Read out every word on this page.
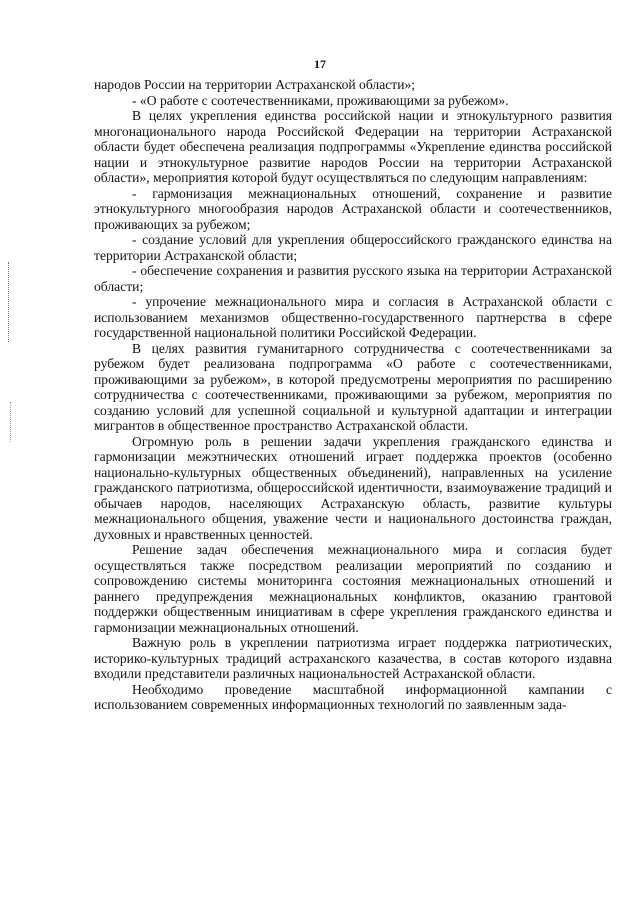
17

народов России на территории Астраханской области»;

- «О работе с соотечественниками, проживающими за рубежом».

В целях укрепления единства российской нации и этнокультурного развития многонационального народа Российской Федерации на территории Астраханской области будет обеспечена реализация подпрограммы «Укрепление единства российской нации и этнокультурное развитие народов России на территории Астраханской области», мероприятия которой будут осуществляться по следующим направлениям:

- гармонизация межнациональных отношений, сохранение и развитие этнокультурного многообразия народов Астраханской области и соотечественников, проживающих за рубежом;

- создание условий для укрепления общероссийского гражданского единства на территории Астраханской области;

- обеспечение сохранения и развития русского языка на территории Астраханской области;

- упрочение межнационального мира и согласия в Астраханской области с использованием механизмов общественно-государственного партнерства в сфере государственной национальной политики Российской Федерации.

В целях развития гуманитарного сотрудничества с соотечественниками за рубежом будет реализована подпрограмма «О работе с соотечественниками, проживающими за рубежом», в которой предусмотрены мероприятия по расширению сотрудничества с соотечественниками, проживающими за рубежом, мероприятия по созданию условий для успешной социальной и культурной адаптации и интеграции мигрантов в общественное пространство Астраханской области.

Огромную роль в решении задачи укрепления гражданского единства и гармонизации межэтнических отношений играет поддержка проектов (особенно национально-культурных общественных объединений), направленных на усиление гражданского патриотизма, общероссийской идентичности, взаимоуважение традиций и обычаев народов, населяющих Астраханскую область, развитие культуры межнационального общения, уважение чести и национального достоинства граждан, духовных и нравственных ценностей.

Решение задач обеспечения межнационального мира и согласия будет осуществляться также посредством реализации мероприятий по созданию и сопровождению системы мониторинга состояния межнациональных отношений и раннего предупреждения межнациональных конфликтов, оказанию грантовой поддержки общественным инициативам в сфере укрепления гражданского единства и гармонизации межнациональных отношений.

Важную роль в укреплении патриотизма играет поддержка патриотических, историко-культурных традиций астраханского казачества, в состав которого издавна входили представители различных национальностей Астраханской области.

Необходимо проведение масштабной информационной кампании с использованием современных информационных технологий по заявленным зада-
